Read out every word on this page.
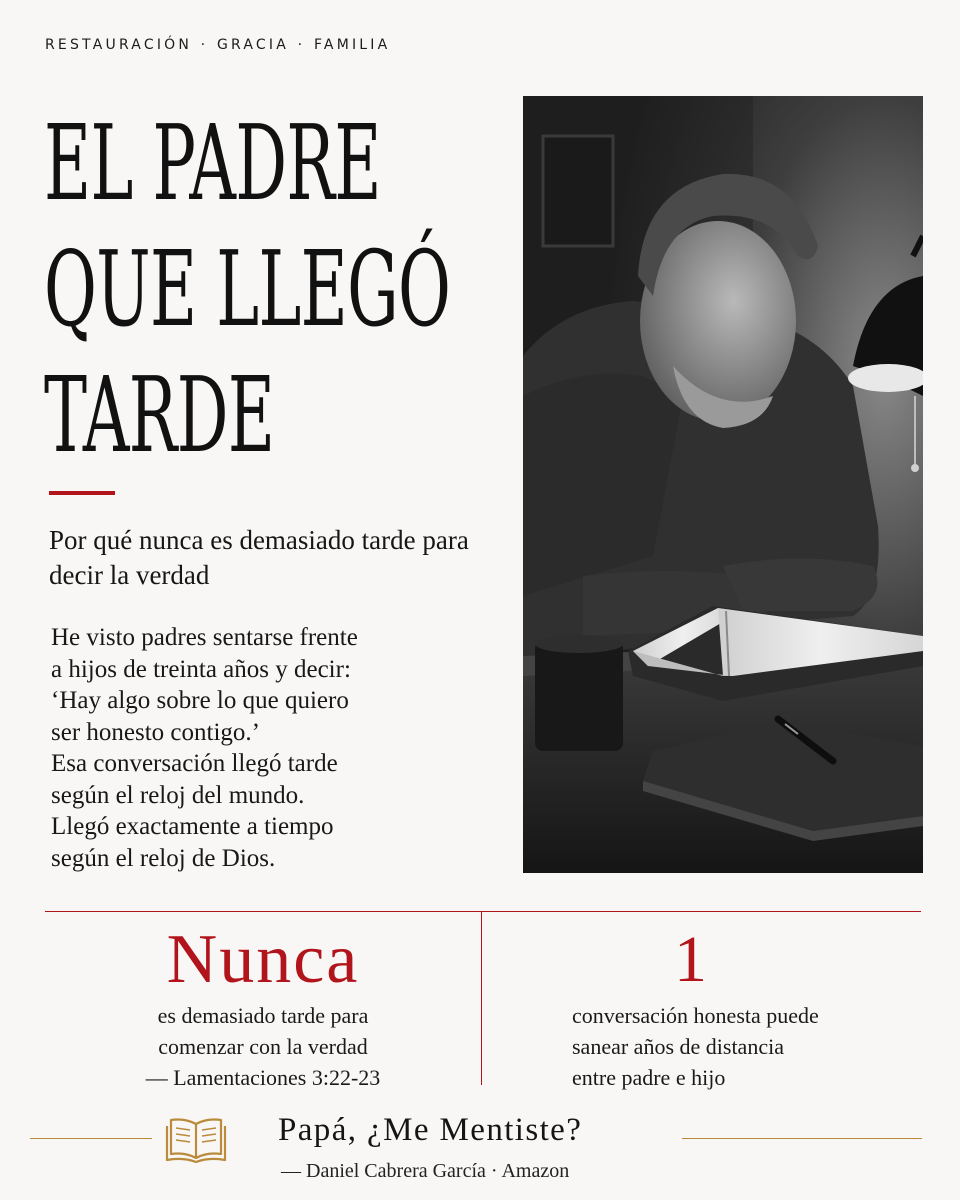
RESTAURACIÓN · GRACIA · FAMILIA
EL PADRE
QUE LLEGÓ
TARDE
Por qué nunca es demasiado tarde para decir la verdad
He visto padres sentarse frente
a hijos de treinta años y decir:
‘Hay algo sobre lo que quiero
ser honesto contigo.’
Esa conversación llegó tarde
según el reloj del mundo.
Llegó exactamente a tiempo
según el reloj de Dios.
Nunca
es demasiado tarde para
comenzar con la verdad
— Lamentaciones 3:22-23
1
conversación honesta puede
sanear años de distancia
entre padre e hijo
Papá, ¿Me Mentiste?
— Daniel Cabrera García · Amazon
